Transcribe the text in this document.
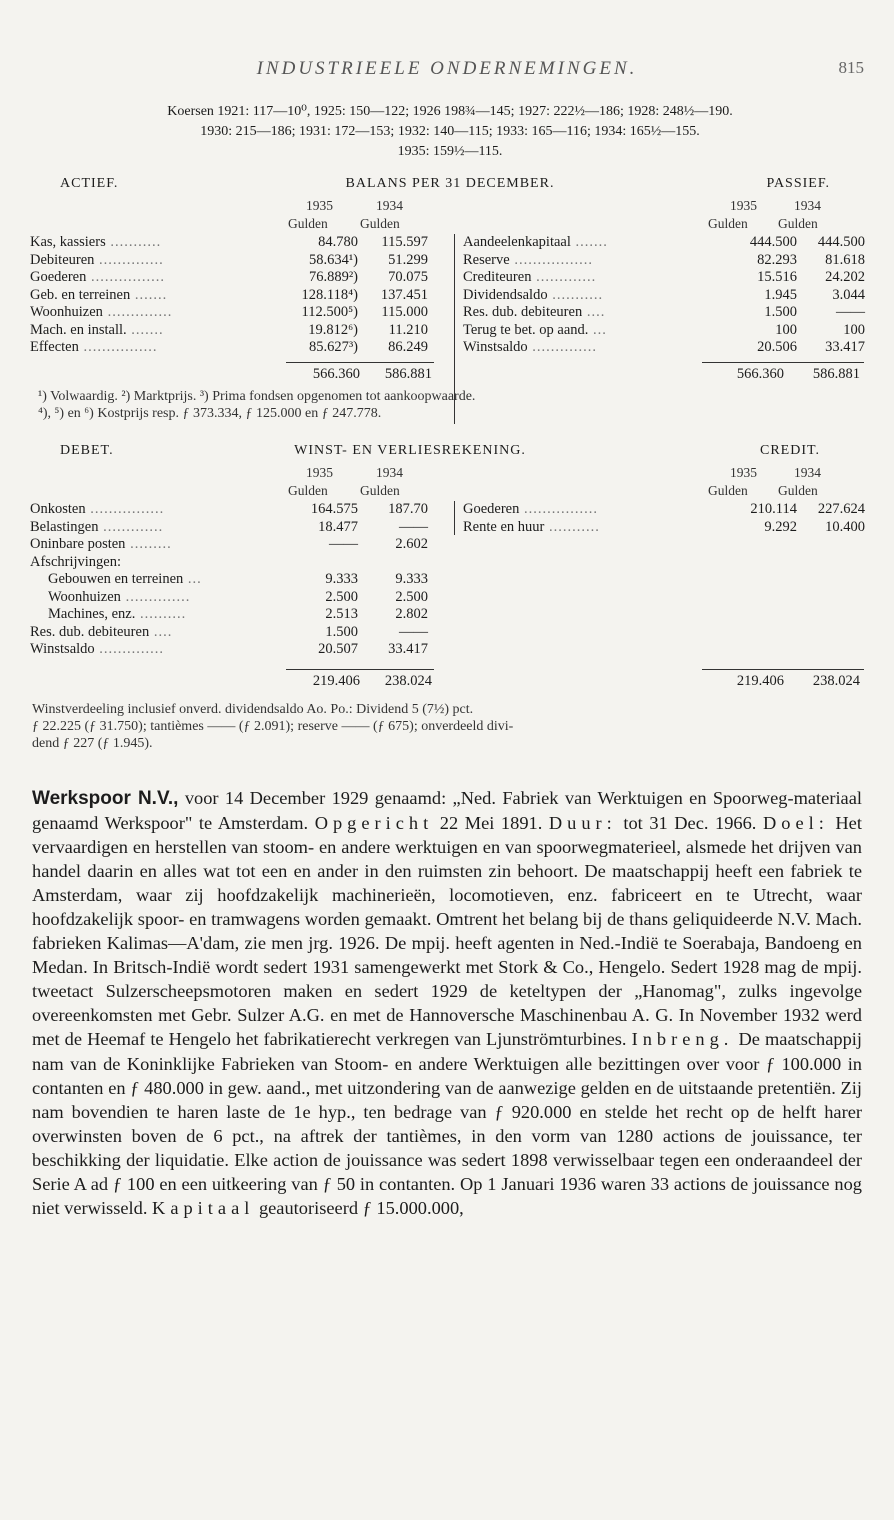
INDUSTRIEELE ONDERNEMINGEN.	815
Koersen 1921: 117—10⁰, 1925: 150—122; 1926 198¾—145; 1927: 222½—186; 1928: 248½—190.
1930: 215—186; 1931: 172—153; 1932: 140—115; 1933: 165—116; 1934: 165½—155.
1935: 159½—115.
ACTIEF.	BALANS PER 31 DECEMBER.	PASSIEF.
1935	1934	1935	1934
Gulden Gulden	Gulden Gulden
Kas, kassiers ...........	84.780	115.597
Debiteuren ..............	58.634¹)	51.299
Goederen ................	76.889²)	70.075
Geb. en terreinen .......	128.118⁴)	137.451
Woonhuizen ..............	112.500⁵)	115.000
Mach. en install. .......	19.812⁶)	11.210
Effecten ................	85.627³)	86.249
Aandeelenkapitaal .......	444.500	444.500
Reserve .................	82.293	81.618
Crediteuren .............	15.516	24.202
Dividendsaldo ...........	1.945	3.044
Res. dub. debiteuren ....	1.500	——
Terug te bet. op aand. ...	100	100
Winstsaldo ..............	20.506	33.417
566.360	586.881	566.360	586.881
¹) Volwaardig. ²) Marktprijs. ³) Prima fondsen opgenomen tot aankoopwaarde.
⁴), ⁵) en ⁶) Kostprijs resp. ƒ 373.334, ƒ 125.000 en ƒ 247.778.
DEBET.	WINST- EN VERLIESREKENING.	CREDIT.
1935	1934	1935	1934
Gulden Gulden	Gulden Gulden
Onkosten ................	164.575	187.70
Belastingen .............	18.477	——
Oninbare posten .........	——	2.602
Afschrijvingen:
Gebouwen en terreinen ...	9.333	9.333
Woonhuizen ..............	2.500	2.500
Machines, enz. ..........	2.513	2.802
Res. dub. debiteuren ....	1.500	——
Winstsaldo ..............	20.507	33.417
Goederen ................	210.114	227.624
Rente en huur ...........	9.292	10.400
219.406	238.024	219.406	238.024
Winstverdeeling inclusief onverd. dividendsaldo Ao. Po.: Dividend 5 (7½) pct.
ƒ 22.225 (ƒ 31.750); tantièmes —— (ƒ 2.091); reserve —— (ƒ 675); onverdeeld divi-
dend ƒ 227 (ƒ 1.945).
Werkspoor N.V., voor 14 December 1929 genaamd: „Ned. Fabriek van Werktuigen en Spoorweg-materiaal genaamd Werkspoor" te Amsterdam. Opgericht 22 Mei 1891. Duur: tot 31 Dec. 1966. Doel: Het vervaardigen en herstellen van stoom- en andere werktuigen en van spoorwegmaterieel, alsmede het drijven van handel daarin en alles wat tot een en ander in den ruimsten zin behoort. De maatschappij heeft een fabriek te Amsterdam, waar zij hoofdzakelijk machinerieën, locomotieven, enz. fabriceert en te Utrecht, waar hoofdzakelijk spoor- en tramwagens worden gemaakt. Omtrent het belang bij de thans geliquideerde N.V. Mach. fabrieken Kalimas—A'dam, zie men jrg. 1926. De mpij. heeft agenten in Ned.-Indië te Soerabaja, Bandoeng en Medan. In Britsch-Indië wordt sedert 1931 samengewerkt met Stork & Co., Hengelo. Sedert 1928 mag de mpij. tweetact Sulzerscheepsmotoren maken en sedert 1929 de keteltypen der „Hanomag", zulks ingevolge overeenkomsten met Gebr. Sulzer A.G. en met de Hannoversche Maschinenbau A. G. In November 1932 werd met de Heemaf te Hengelo het fabrikatierecht verkregen van Ljunströmturbines. Inbreng. De maatschappij nam van de Koninklijke Fabrieken van Stoom- en andere Werktuigen alle bezittingen over voor ƒ 100.000 in contanten en ƒ 480.000 in gew. aand., met uitzondering van de aanwezige gelden en de uitstaande pretentiën. Zij nam bovendien te haren laste de 1e hyp., ten bedrage van ƒ 920.000 en stelde het recht op de helft harer overwinsten boven de 6 pct., na aftrek der tantièmes, in den vorm van 1280 actions de jouissance, ter beschikking der liquidatie. Elke action de jouissance was sedert 1898 verwisselbaar tegen een onderaandeel der Serie A ad ƒ 100 en een uitkeering van ƒ 50 in contanten. Op 1 Januari 1936 waren 33 actions de jouissance nog niet verwisseld. Kapitaal geautoriseerd ƒ 15.000.000,
